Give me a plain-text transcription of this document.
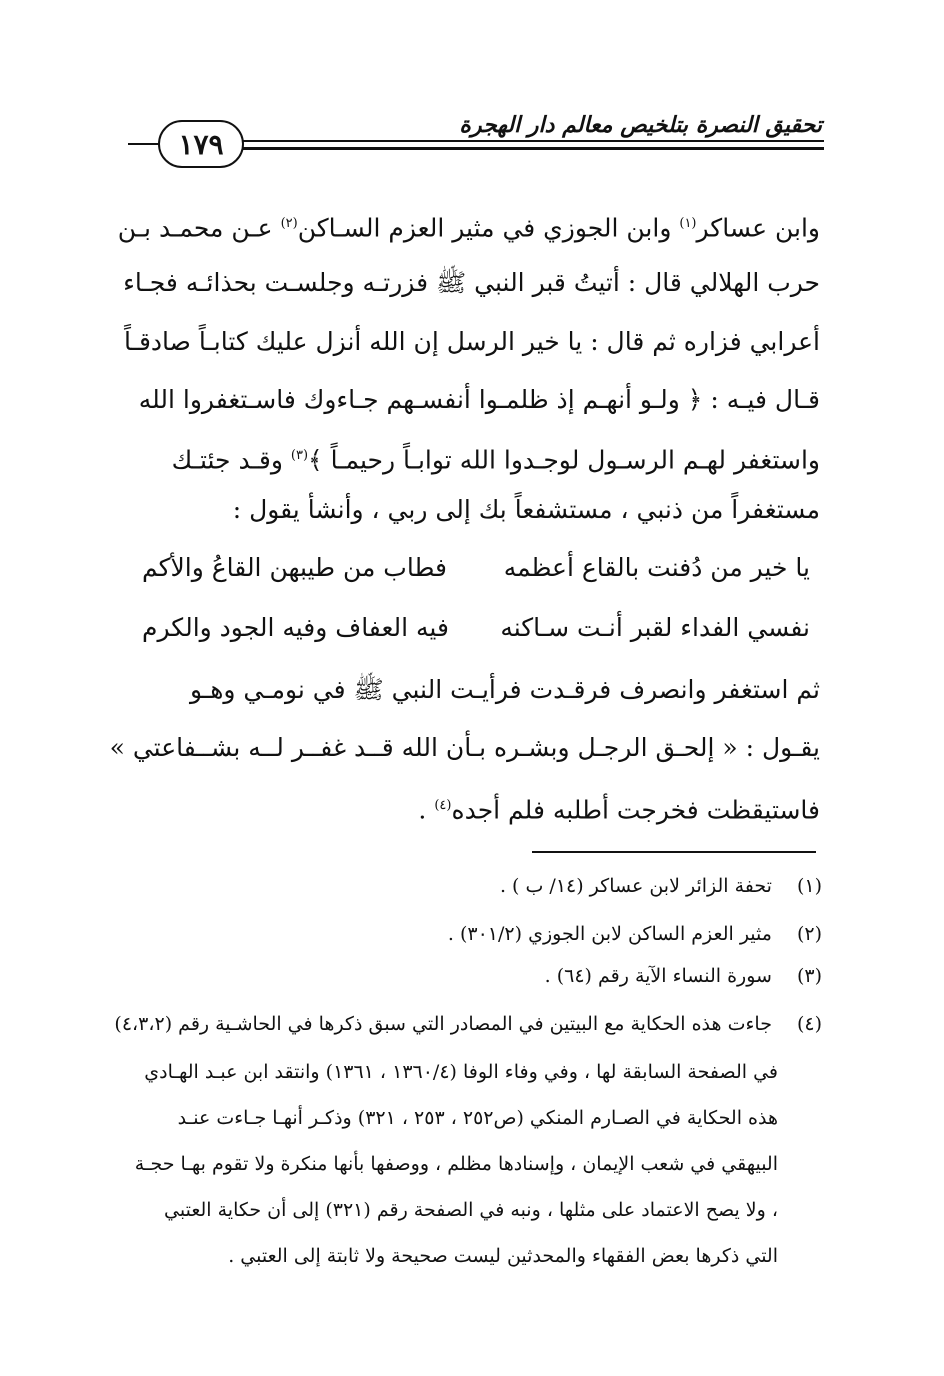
تحقيق النصرة بتلخيص معالم دار الهجرة
١٧٩
وابن عساكر$^{(١)}$ وابن الجوزي في مثير العزم السـاكن$^{(٢)}$ عـن محمـد بـن
حرب الهلالي قال : أتيتُ قبر النبي ﷺ فزرتـه وجلسـت بحذائـه فجـاء
أعرابي فزاره ثم قال : يا خير الرسل إن الله أنزل عليك كتابـاً صادقـاً
قـال فيـه : ﴿ ولـو أنهـم إذ ظلمـوا أنفسـهم جـاءوك فاسـتغفروا الله
واستغفر لهـم الرسـول لوجـدوا الله توابـاً رحيمـاً ﴾$^{(٣)}$ وقـد جئتـك
مستغفراً من ذنبي ، مستشفعاً بك إلى ربي ، وأنشأ يقول :
يا خير من دُفنت بالقاع أعظمه
فطاب من طيبهن القاعُ والأكم
نفسي الفداء لقبر أنـت سـاكنه
فيه العفاف وفيه الجود والكرم
ثم استغفر وانصرف فرقـدت فرأيـت النبي ﷺ في نومـي وهـو
يقـول : « إلحـق الرجـل وبشـره بـأن الله قــد غفــر لــه بشــفاعتي »
فاستيقظت فخرجت أطلبه فلم أجده$^{(٤)}$ .
(١) تحفة الزائر لابن عساكر (١٤/ ب ) .
(٢) مثير العزم الساكن لابن الجوزي (٣٠١/٢) .
(٣) سورة النساء الآية رقم (٦٤) .
(٤) جاءت هذه الحكاية مع البيتين في المصادر التي سبق ذكرها في الحاشـية رقم (٤،٣،٢)
في الصفحة السابقة لها ، وفي وفاء الوفا (١٣٦٠/٤ ، ١٣٦١) وانتقد ابن عبـد الهـادي
هذه الحكاية في الصـارم المنكي (ص٢٥٢ ، ٢٥٣ ، ٣٢١) وذكـر أنهـا جـاءت عنـد
البيهقي في شعب الإيمان ، وإسنادها مظلم ، ووصفها بأنها منكرة ولا تقوم بهـا حجـة
، ولا يصح الاعتماد على مثلها ، ونبه في الصفحة رقم (٣٢١) إلى أن حكاية العتبي
التي ذكرها بعض الفقهاء والمحدثين ليست صحيحة ولا ثابتة إلى العتبي .
